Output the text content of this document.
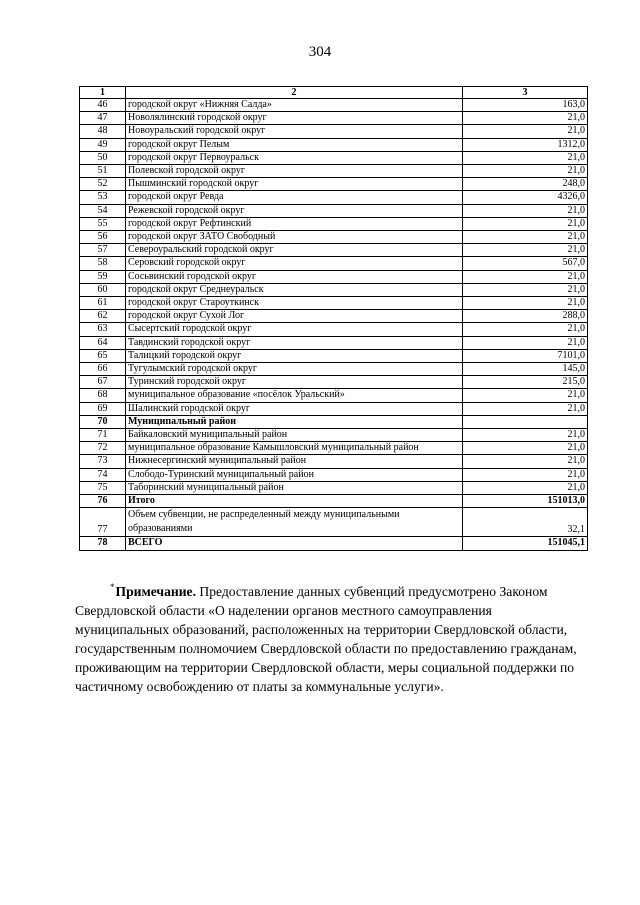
304
1	2	3
46	городской округ «Нижняя Салда»	163,0
47	Новолялинский городской округ	21,0
48	Новоуральский городской округ	21,0
49	городской округ Пелым	1312,0
50	городской округ Первоуральск	21,0
51	Полевской городской округ	21,0
52	Пышминский городской округ	248,0
53	городской округ Ревда	4326,0
54	Режевской городской округ	21,0
55	городской округ Рефтинский	21,0
56	городской округ ЗАТО Свободный	21,0
57	Североуральский городской округ	21,0
58	Серовский городской округ	567,0
59	Сосьвинский городской округ	21,0
60	городской округ Среднеуральск	21,0
61	городской округ Староуткинск	21,0
62	городской округ Сухой Лог	288,0
63	Сысертский городской округ	21,0
64	Тавдинский городской округ	21,0
65	Талицкий городской округ	7101,0
66	Тугулымский городской округ	145,0
67	Туринский городской округ	215,0
68	муниципальное образование «посёлок Уральский»	21,0
69	Шалинский городской округ	21,0
70	Муниципальный район	
71	Байкаловский муниципальный район	21,0
72	муниципальное образование Камышловский муниципальный район	21,0
73	Нижнесергинский муниципальный район	21,0
74	Слободо-Туринский муниципальный район	21,0
75	Таборинский муниципальный район	21,0
76	Итого	151013,0
77	Объем субвенции, не распределенный между муниципальными образованиями	32,1
78	ВСЕГО	151045,1
*Примечание. Предоставление данных субвенций предусмотрено Законом Свердловской области «О наделении органов местного самоуправления муниципальных образований, расположенных на территории Свердловской области, государственным полномочием Свердловской области по предоставлению гражданам, проживающим на территории Свердловской области, меры социальной поддержки по частичному освобождению от платы за коммунальные услуги».
